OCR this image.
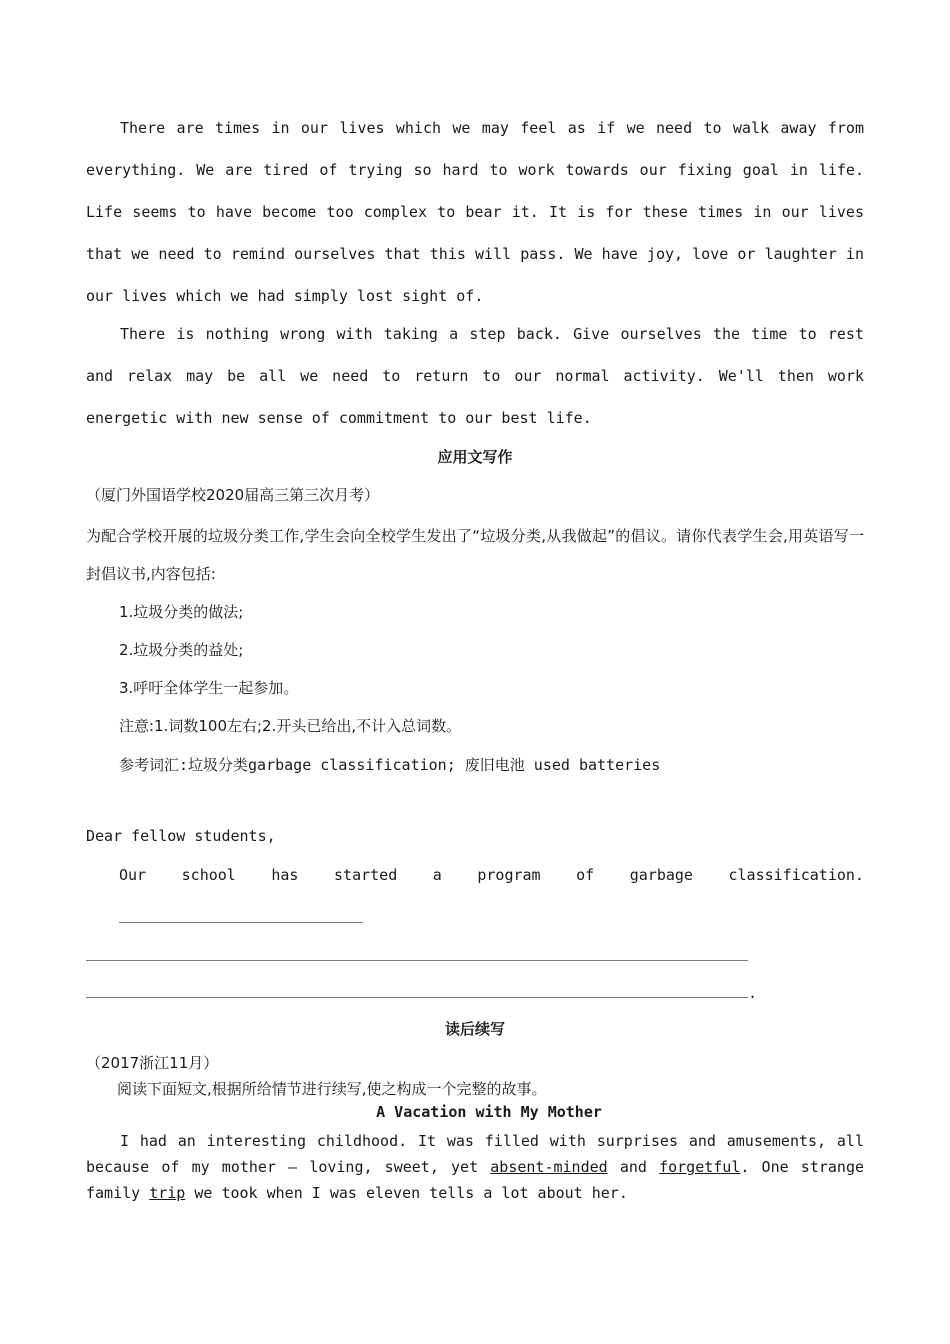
There are times in our lives which we may feel as if we need to walk away from everything. We are tired of trying so hard to work towards our fixing goal in life. Life seems to have become too complex to bear it. It is for these times in our lives that we need to remind ourselves that this will pass. We have joy, love or laughter in our lives which we had simply lost sight of.

There is nothing wrong with taking a step back. Give ourselves the time to rest and relax may be all we need to return to our normal activity. We'll then work energetic with new sense of commitment to our best life.

应用文写作
（厦门外国语学校2020届高三第三次月考）
为配合学校开展的垃圾分类工作,学生会向全校学生发出了“垃圾分类,从我做起”的倡议。请你代表学生会,用英语写一封倡议书,内容包括:
1.垃圾分类的做法;
2.垃圾分类的益处;
3.呼吁全体学生一起参加。
注意:1.词数100左右;2.开头已给出,不计入总词数。
参考词汇:垃圾分类garbage classification; 废旧电池 used batteries
Dear fellow students,
Our school has started a program of garbage classification.
.
读后续写
（2017浙江11月）
阅读下面短文,根据所给情节进行续写,使之构成一个完整的故事。
A Vacation with My Mother

I had an interesting childhood. It was filled with surprises and amusements, all because of my mother — loving, sweet, yet absent-minded and forgetful. One strange family trip we took when I was eleven tells a lot about her.
